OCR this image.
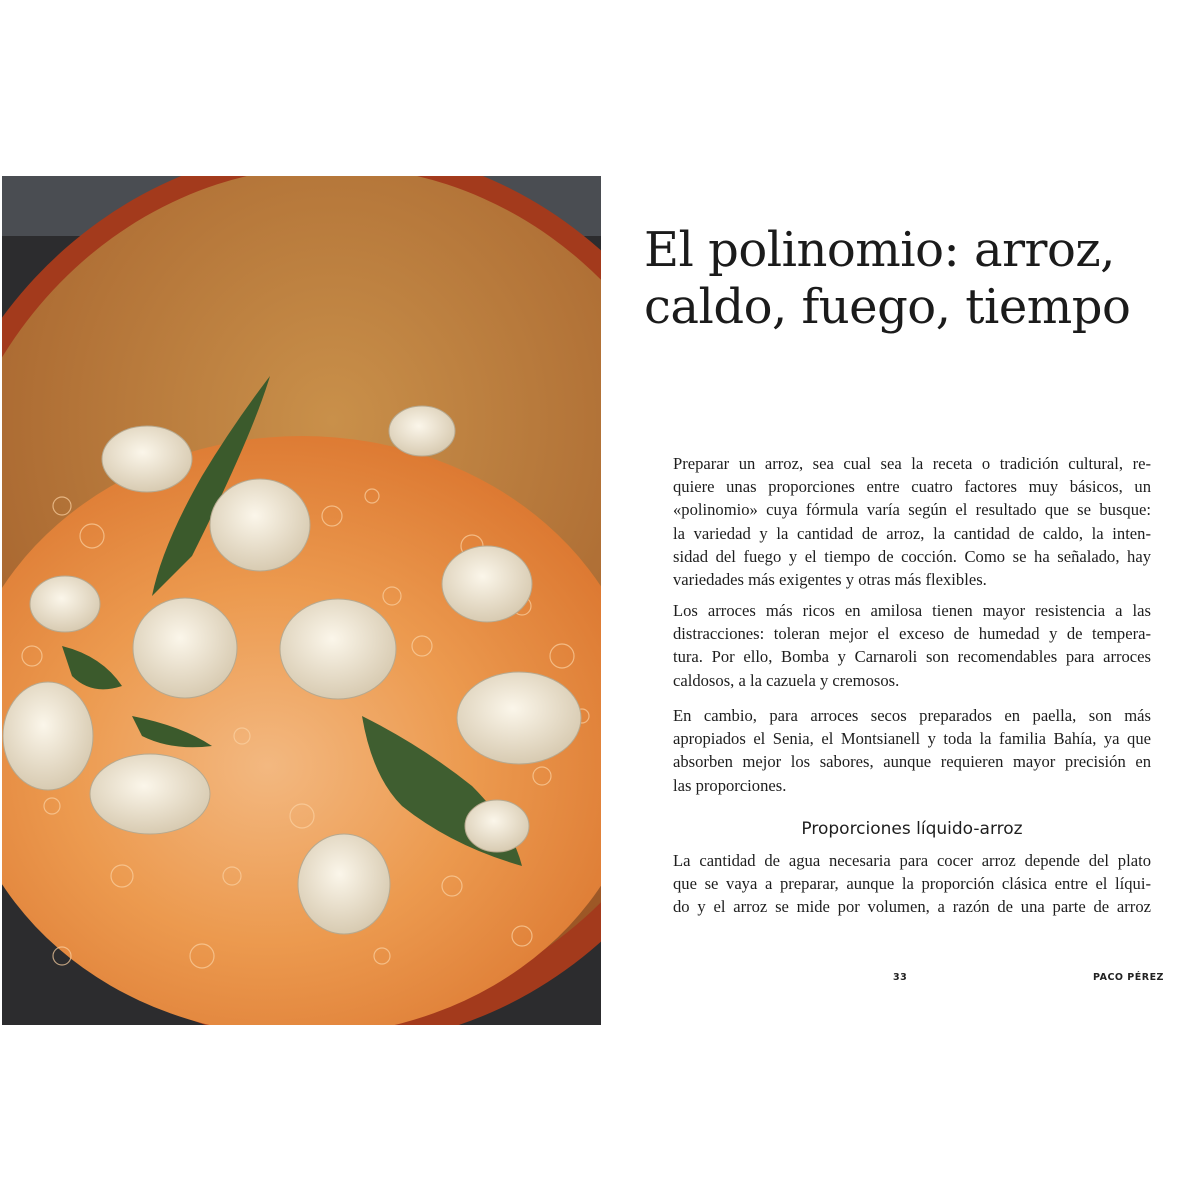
El polinomio: arroz,
caldo, fuego, tiempo
Preparar un arroz, sea cual sea la receta o tradición cultural, re-
quiere unas proporciones entre cuatro factores muy básicos, un
«polinomio» cuya fórmula varía según el resultado que se busque:
la variedad y la cantidad de arroz, la cantidad de caldo, la inten-
sidad del fuego y el tiempo de cocción. Como se ha señalado, hay
variedades más exigentes y otras más flexibles.
Los arroces más ricos en amilosa tienen mayor resistencia a las
distracciones: toleran mejor el exceso de humedad y de tempera-
tura. Por ello, Bomba y Carnaroli son recomendables para arroces
caldosos, a la cazuela y cremosos.
En cambio, para arroces secos preparados en paella, son más
apropiados el Senia, el Montsianell y toda la familia Bahía, ya que
absorben mejor los sabores, aunque requieren mayor precisión en
las proporciones.
Proporciones líquido-arroz
La cantidad de agua necesaria para cocer arroz depende del plato
que se vaya a preparar, aunque la proporción clásica entre el líqui-
do y el arroz se mide por volumen, a razón de una parte de arroz
33	PACO PÉREZ
